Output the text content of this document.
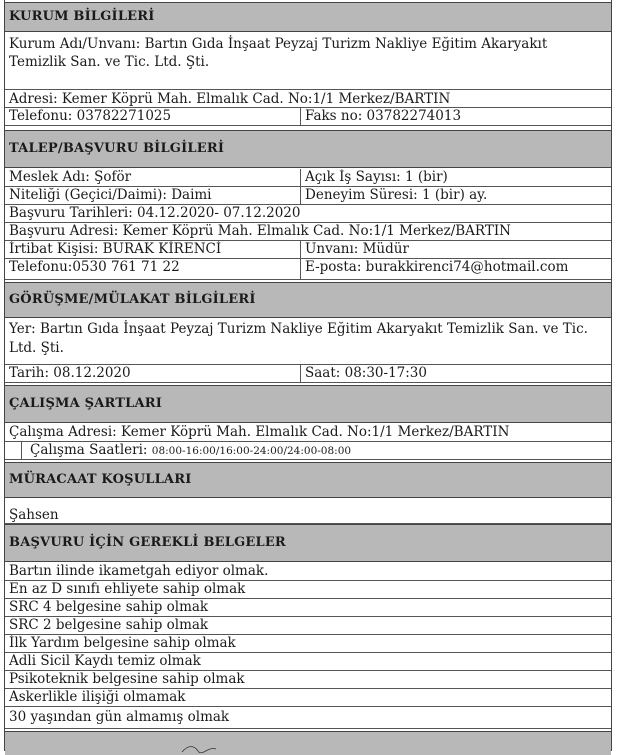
KURUM BİLGİLERİ
Kurum Adı/Unvanı: Bartın Gıda İnşaat Peyzaj Turizm Nakliye Eğitim Akaryakıt
Temizlik San. ve Tic. Ltd. Şti.
Adresi: Kemer Köprü Mah. Elmalık Cad. No:1/1 Merkez/BARTIN
Telefonu: 03782271025	Faks no: 03782274013
TALEP/BAŞVURU BİLGİLERİ
Meslek Adı: Şoför	Açık İş Sayısı: 1 (bir)
Niteliği (Geçici/Daimi): Daimi	Deneyim Süresi: 1 (bir) ay.
Başvuru Tarihleri: 04.12.2020- 07.12.2020
Başvuru Adresi: Kemer Köprü Mah. Elmalık Cad. No:1/1 Merkez/BARTIN
İrtibat Kişisi: BURAK KİRENCİ	Unvanı: Müdür
Telefonu:0530 761 71 22	E-posta: burakkirenci74@hotmail.com
GÖRÜŞME/MÜLAKAT BİLGİLERİ
Yer: Bartın Gıda İnşaat Peyzaj Turizm Nakliye Eğitim Akaryakıt Temizlik San. ve Tic.
Ltd. Şti.
Tarih: 08.12.2020	Saat: 08:30-17:30
ÇALIŞMA ŞARTLARI
Çalışma Adresi: Kemer Köprü Mah. Elmalık Cad. No:1/1 Merkez/BARTIN
Çalışma Saatleri: 08:00-16:00/16:00-24:00/24:00-08:00
MÜRACAAT KOŞULLARI
Şahsen
BAŞVURU İÇİN GEREKLİ BELGELER
Bartın ilinde ikametgah ediyor olmak.
En az D sınıfı ehliyete sahip olmak
SRC 4 belgesine sahip olmak
SRC 2 belgesine sahip olmak
İlk Yardım belgesine sahip olmak
Adli Sicil Kaydı temiz olmak
Psikoteknik belgesine sahip olmak
Askerlikle ilişiği olmamak
30 yaşından gün almamış olmak
